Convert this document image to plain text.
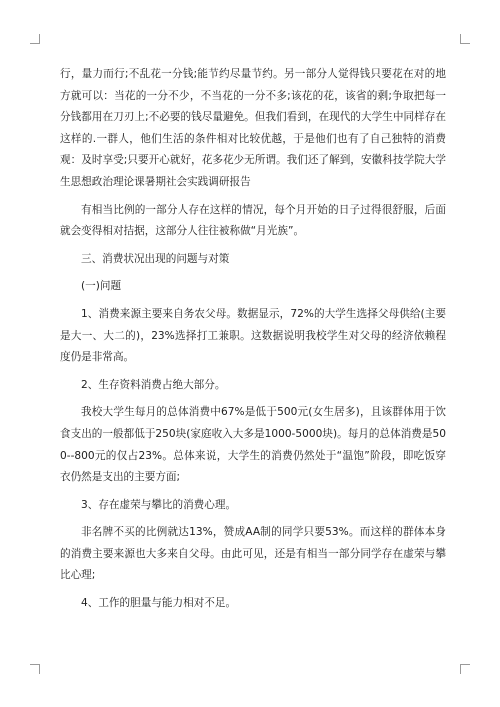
行，量力而行;不乱花一分钱;能节约尽量节约。另一部分人觉得钱只要花在对的地方就可以：当花的一分不少，不当花的一分不多;该花的花，该省的剩;争取把每一分钱都用在刀刃上;不必要的钱尽量避免。但我们看到，在现代的大学生中同样存在这样的.一群人，他们生活的条件相对比较优越，于是他们也有了自己独特的消费观：及时享受;只要开心就好，花多花少无所谓。我们还了解到，安徽科技学院大学生思想政治理论课暑期社会实践调研报告

有相当比例的一部分人存在这样的情况，每个月开始的日子过得很舒服，后面就会变得相对拮据，这部分人往往被称做“月光族”。

三、消费状况出现的问题与对策

(一)问题

1、消费来源主要来自务农父母。数据显示，72%的大学生选择父母供给(主要是大一、大二的)，23%选择打工兼职。这数据说明我校学生对父母的经济依赖程度仍是非常高。

2、生存资料消费占绝大部分。

我校大学生每月的总体消费中67%是低于500元(女生居多)，且该群体用于饮食支出的一般都低于250块(家庭收入大多是1000-5000块)。每月的总体消费是500--800元的仅占23%。总体来说，大学生的消费仍然处于“温饱”阶段，即吃饭穿衣仍然是支出的主要方面;

3、存在虚荣与攀比的消费心理。

非名牌不买的比例就达13%，赞成AA制的同学只要53%。而这样的群体本身的消费主要来源也大多来自父母。由此可见，还是有相当一部分同学存在虚荣与攀比心理;

4、工作的胆量与能力相对不足。
